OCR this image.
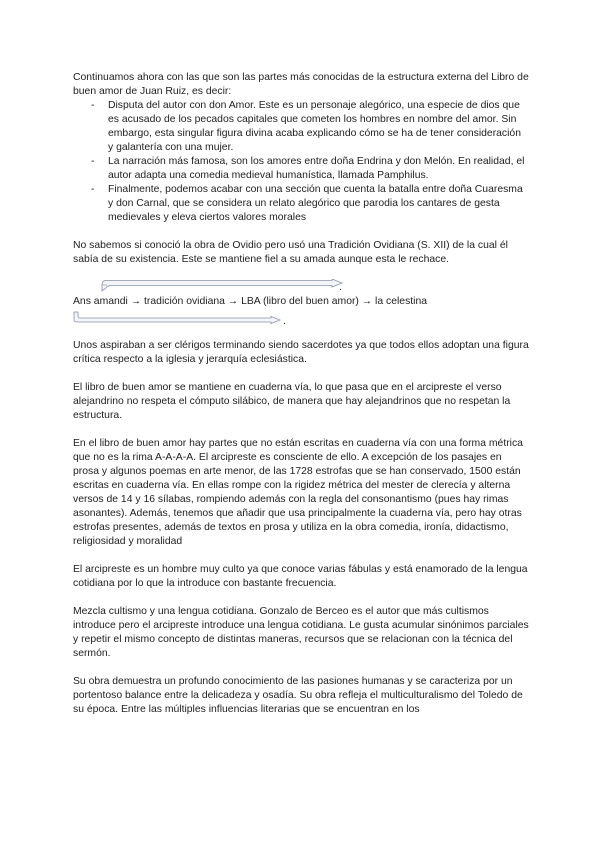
Continuamos ahora con las que son las partes más conocidas de la estructura externa del Libro de buen amor de Juan Ruiz, es decir:

- Disputa del autor con don Amor. Este es un personaje alegórico, una especie de dios que es acusado de los pecados capitales que cometen los hombres en nombre del amor. Sin embargo, esta singular figura divina acaba explicando cómo se ha de tener consideración y galantería con una mujer.
- La narración más famosa, son los amores entre doña Endrina y don Melón. En realidad, el autor adapta una comedia medieval humanística, llamada Pamphilus.
- Finalmente, podemos acabar con una sección que cuenta la batalla entre doña Cuaresma y don Carnal, que se considera un relato alegórico que parodia los cantares de gesta medievales y eleva ciertos valores morales

No sabemos si conoció la obra de Ovidio pero usó una Tradición Ovidiana (S. XII) de la cual él sabía de su existencia. Este se mantiene fiel a su amada aunque esta le rechace.

.

Ans amandi → tradición ovidiana → LBA (libro del buen amor) → la celestina

.

Unos aspiraban a ser clérigos terminando siendo sacerdotes ya que todos ellos adoptan una figura crítica respecto a la iglesia y jerarquía eclesiástica.

El libro de buen amor se mantiene en cuaderna vía, lo que pasa que en el arcipreste el verso alejandrino no respeta el cómputo silábico, de manera que hay alejandrinos que no respetan la estructura.

En el libro de buen amor hay partes que no están escritas en cuaderna vía con una forma métrica que no es la rima A-A-A-A. El arcipreste es consciente de ello. A excepción de los pasajes en prosa y algunos poemas en arte menor, de las 1728 estrofas que se han conservado, 1500 están escritas en cuaderna vía. En ellas rompe con la rigidez métrica del mester de clerecía y alterna versos de 14 y 16 sílabas, rompiendo además con la regla del consonantismo (pues hay rimas asonantes). Además, tenemos que añadir que usa principalmente la cuaderna vía, pero hay otras estrofas presentes, además de textos en prosa y utiliza en la obra comedia, ironía, didactismo, religiosidad y moralidad

El arcipreste es un hombre muy culto ya que conoce varias fábulas y está enamorado de la lengua cotidiana por lo que la introduce con bastante frecuencia.

Mezcla cultismo y una lengua cotidiana. Gonzalo de Berceo es el autor que más cultismos introduce pero el arcipreste introduce una lengua cotidiana. Le gusta acumular sinónimos parciales y repetir el mismo concepto de distintas maneras, recursos que se relacionan con la técnica del sermón.

Su obra demuestra un profundo conocimiento de las pasiones humanas y se caracteriza por un portentoso balance entre la delicadeza y osadía. Su obra refleja el multiculturalismo del Toledo de su época. Entre las múltiples influencias literarias que se encuentran en los
